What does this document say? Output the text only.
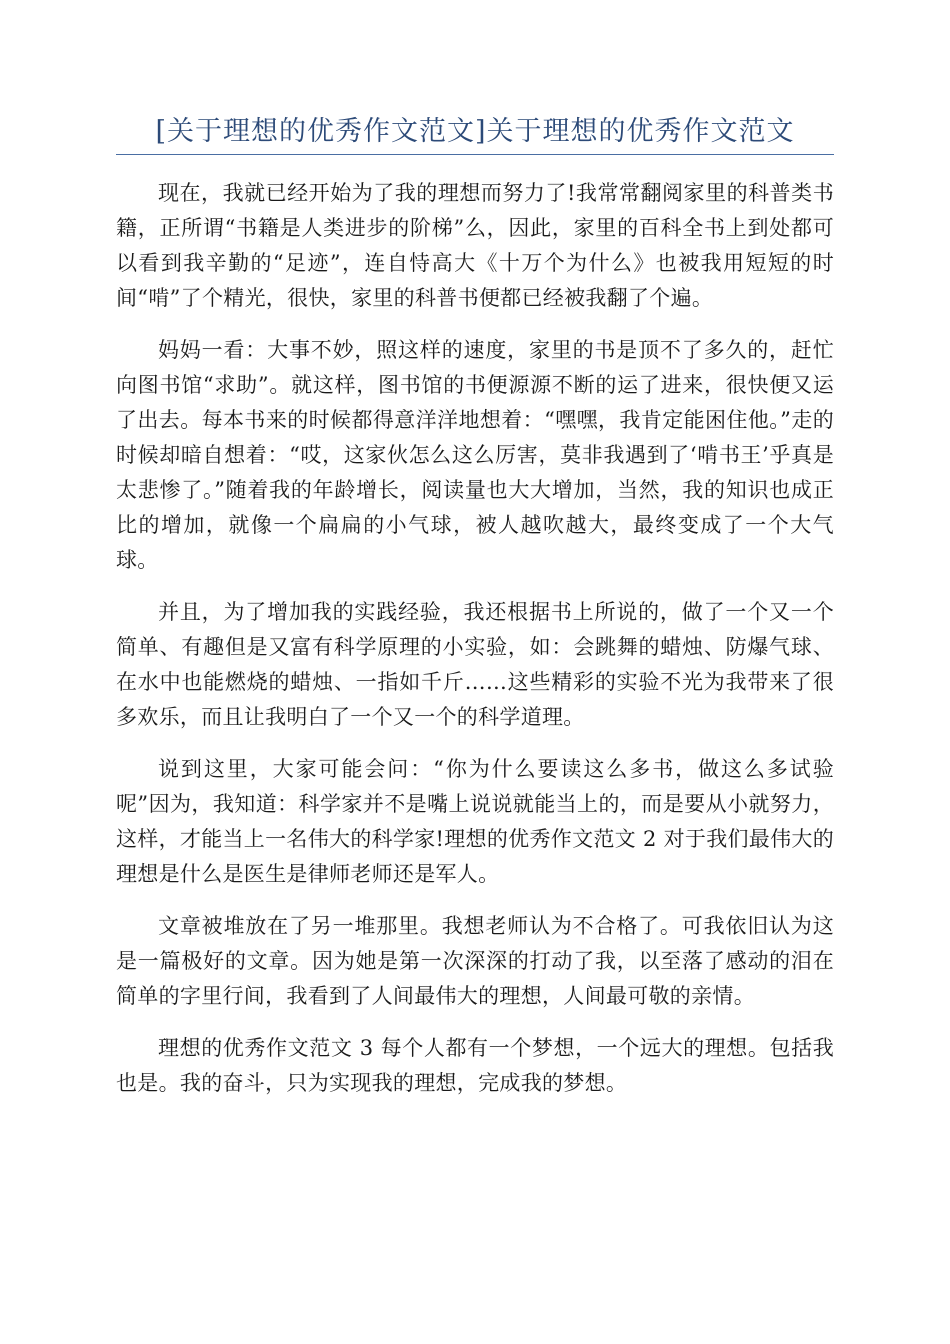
[关于理想的优秀作文范文]关于理想的优秀作文范文

现在，我就已经开始为了我的理想而努力了!我常常翻阅家里的科普类书籍，正所谓“书籍是人类进步的阶梯”么，因此，家里的百科全书上到处都可以看到我辛勤的“足迹”，连自恃高大《十万个为什么》也被我用短短的时间“啃”了个精光，很快，家里的科普书便都已经被我翻了个遍。

妈妈一看：大事不妙，照这样的速度，家里的书是顶不了多久的，赶忙向图书馆“求助”。就这样，图书馆的书便源源不断的运了进来，很快便又运了出去。每本书来的时候都得意洋洋地想着：“嘿嘿，我肯定能困住他。”走的时候却暗自想着：“哎，这家伙怎么这么厉害，莫非我遇到了‘啃书王’乎真是太悲惨了。”随着我的年龄增长，阅读量也大大增加，当然，我的知识也成正比的增加，就像一个扁扁的小气球，被人越吹越大，最终变成了一个大气球。

并且，为了增加我的实践经验，我还根据书上所说的，做了一个又一个简单、有趣但是又富有科学原理的小实验，如：会跳舞的蜡烛、防爆气球、在水中也能燃烧的蜡烛、一指如千斤……这些精彩的实验不光为我带来了很多欢乐，而且让我明白了一个又一个的科学道理。

说到这里，大家可能会问：“你为什么要读这么多书，做这么多试验呢”因为，我知道：科学家并不是嘴上说说就能当上的，而是要从小就努力，这样，才能当上一名伟大的科学家!理想的优秀作文范文 2 对于我们最伟大的理想是什么是医生是律师老师还是军人。

文章被堆放在了另一堆那里。我想老师认为不合格了。可我依旧认为这是一篇极好的文章。因为她是第一次深深的打动了我，以至落了感动的泪在简单的字里行间，我看到了人间最伟大的理想，人间最可敬的亲情。

理想的优秀作文范文 3 每个人都有一个梦想，一个远大的理想。包括我也是。我的奋斗，只为实现我的理想，完成我的梦想。
